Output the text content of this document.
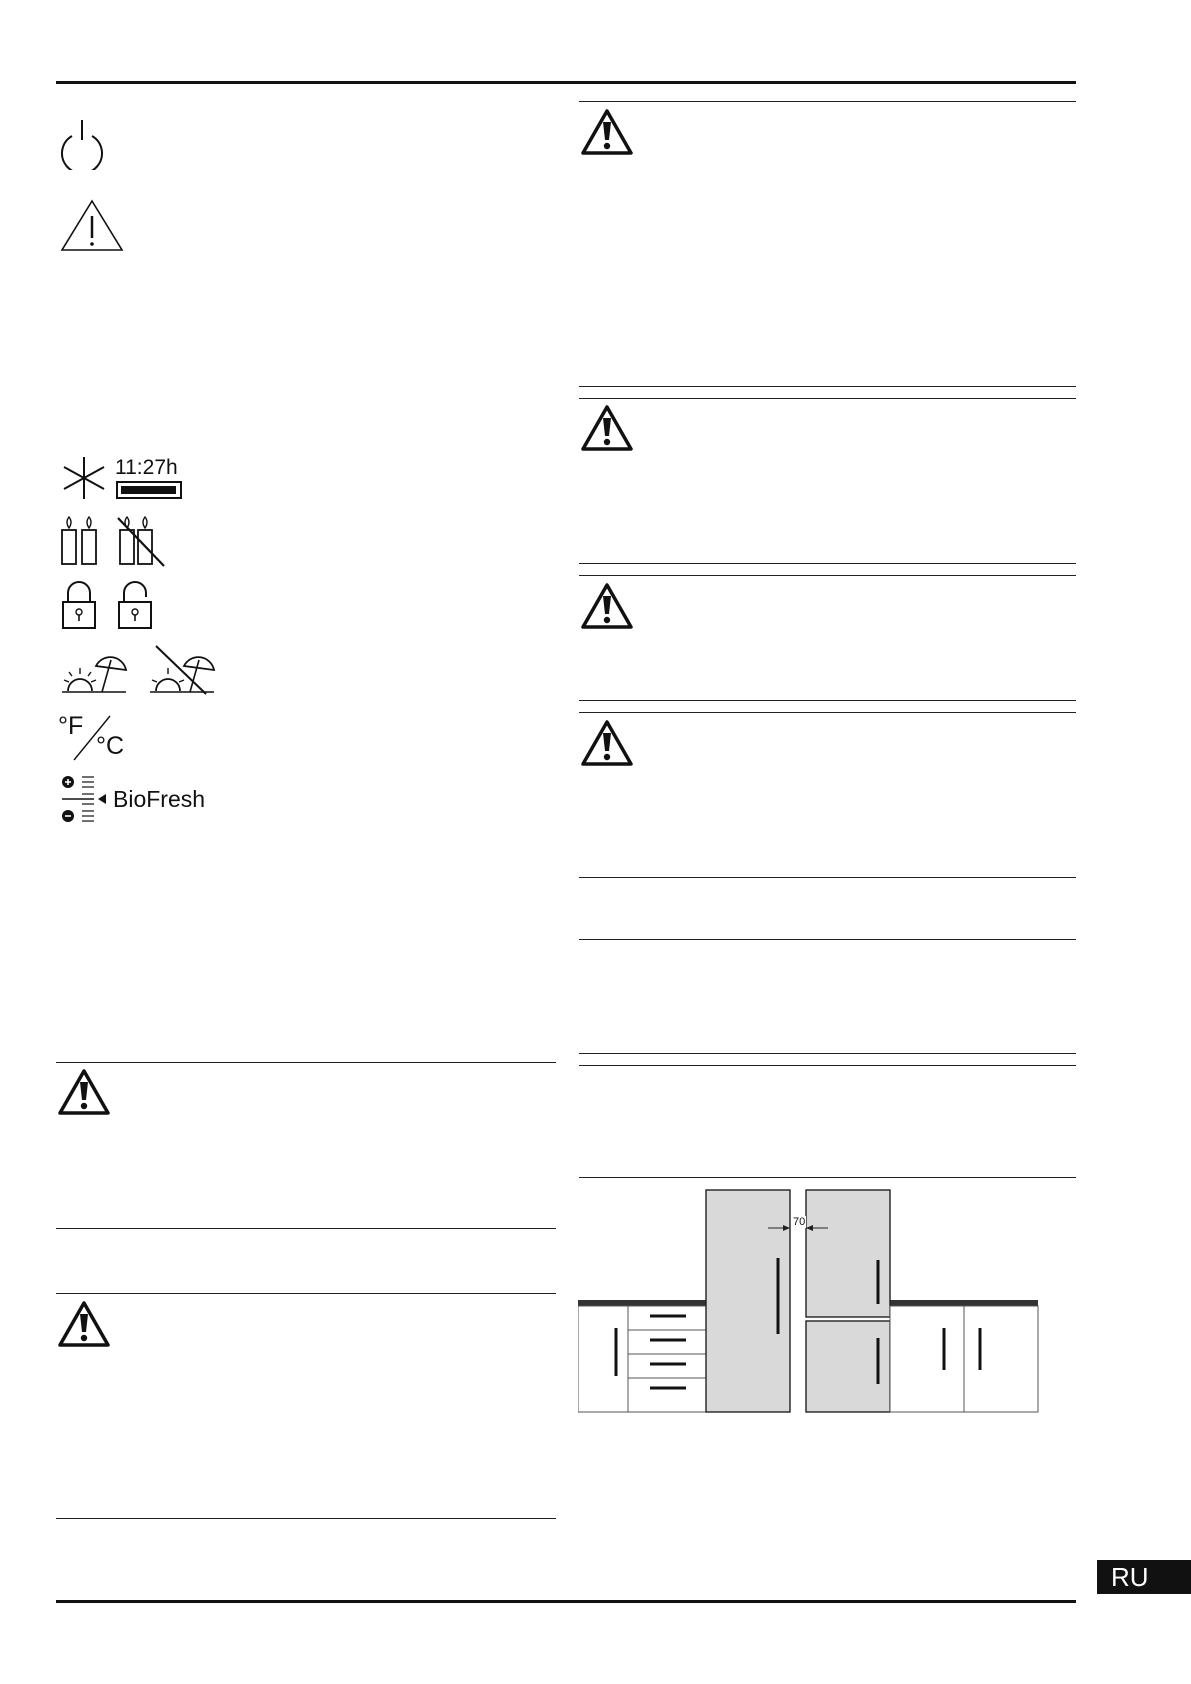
11:27h
°F
°C
BioFresh
70
RU
